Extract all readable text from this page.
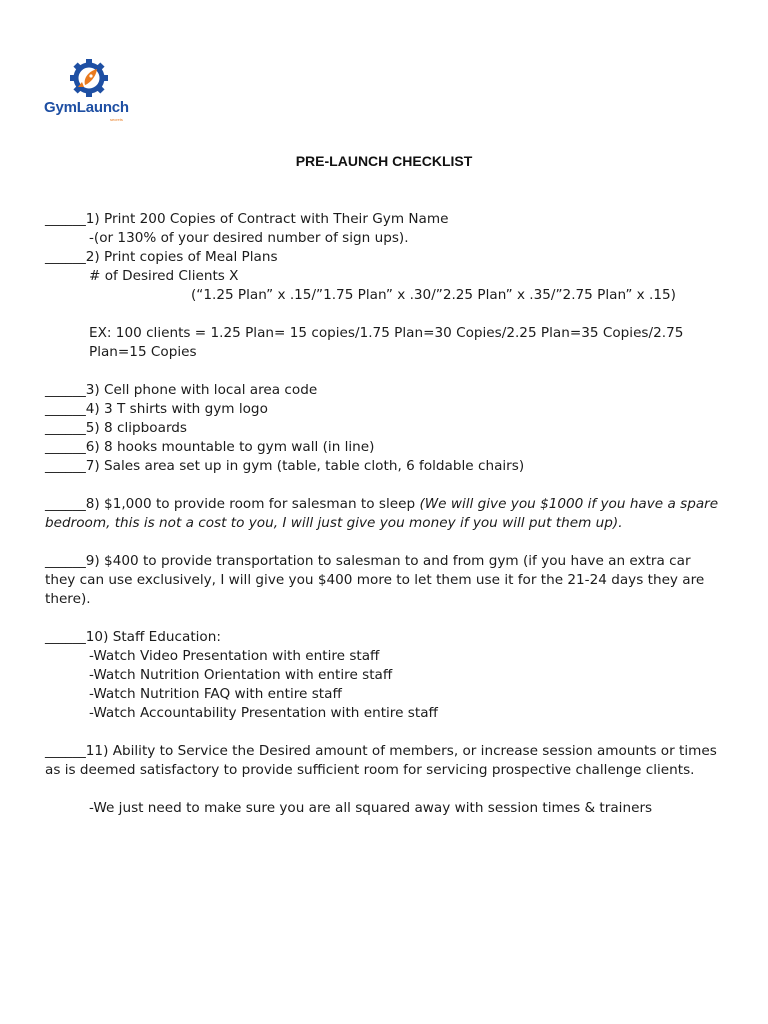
GymLaunch
secrets
PRE-LAUNCH CHECKLIST
______1) Print 200 Copies of Contract with Their Gym Name
-(or 130% of your desired number of sign ups).
______2) Print copies of Meal Plans
# of Desired Clients X
(“1.25 Plan” x .15/”1.75 Plan” x .30/”2.25 Plan” x .35/”2.75 Plan” x .15)
EX: 100 clients = 1.25 Plan= 15 copies/1.75 Plan=30 Copies/2.25 Plan=35 Copies/2.75 Plan=15 Copies
______3) Cell phone with local area code
______4) 3 T shirts with gym logo
______5) 8 clipboards
______6) 8 hooks mountable to gym wall (in line)
______7) Sales area set up in gym (table, table cloth, 6 foldable chairs)
______8) $1,000 to provide room for salesman to sleep (We will give you $1000 if you have a spare bedroom, this is not a cost to you, I will just give you money if you will put them up).
______9) $400 to provide transportation to salesman to and from gym (if you have an extra car they can use exclusively, I will give you $400 more to let them use it for the 21-24 days they are there).
______10) Staff Education:
-Watch Video Presentation with entire staff
-Watch Nutrition Orientation with entire staff
-Watch Nutrition FAQ with entire staff
-Watch Accountability Presentation with entire staff
______11) Ability to Service the Desired amount of members, or increase session amounts or times as is deemed satisfactory to provide sufficient room for servicing prospective challenge clients.
-We just need to make sure you are all squared away with session times & trainers
